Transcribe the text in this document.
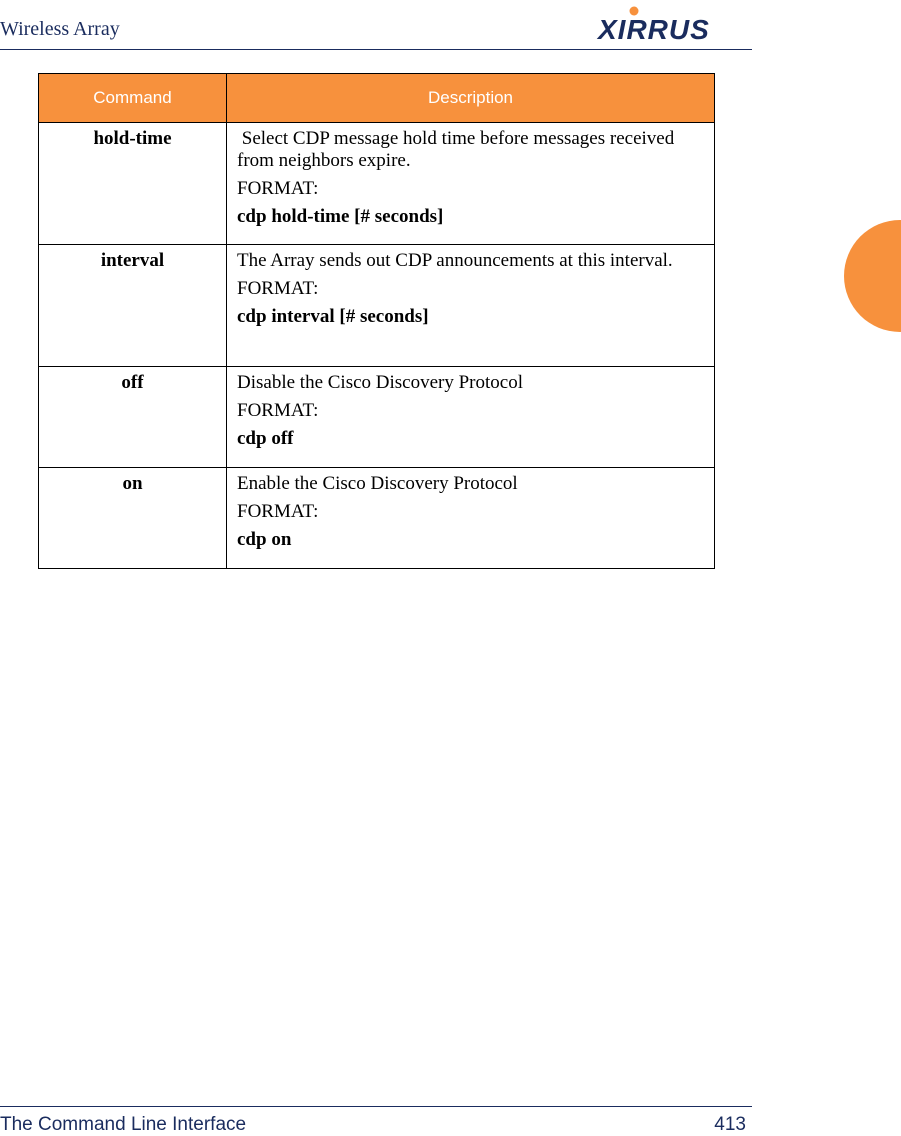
Wireless Array	XIRRUS
Command	Description
hold-time	Select CDP message hold time before messages received from neighbors expire.

FORMAT:

cdp hold-time [# seconds]

interval	The Array sends out CDP announcements at this interval.

FORMAT:

cdp interval [# seconds]

off	Disable the Cisco Discovery Protocol

FORMAT:

cdp off

on	Enable the Cisco Discovery Protocol

FORMAT:

cdp on

The Command Line Interface	413
